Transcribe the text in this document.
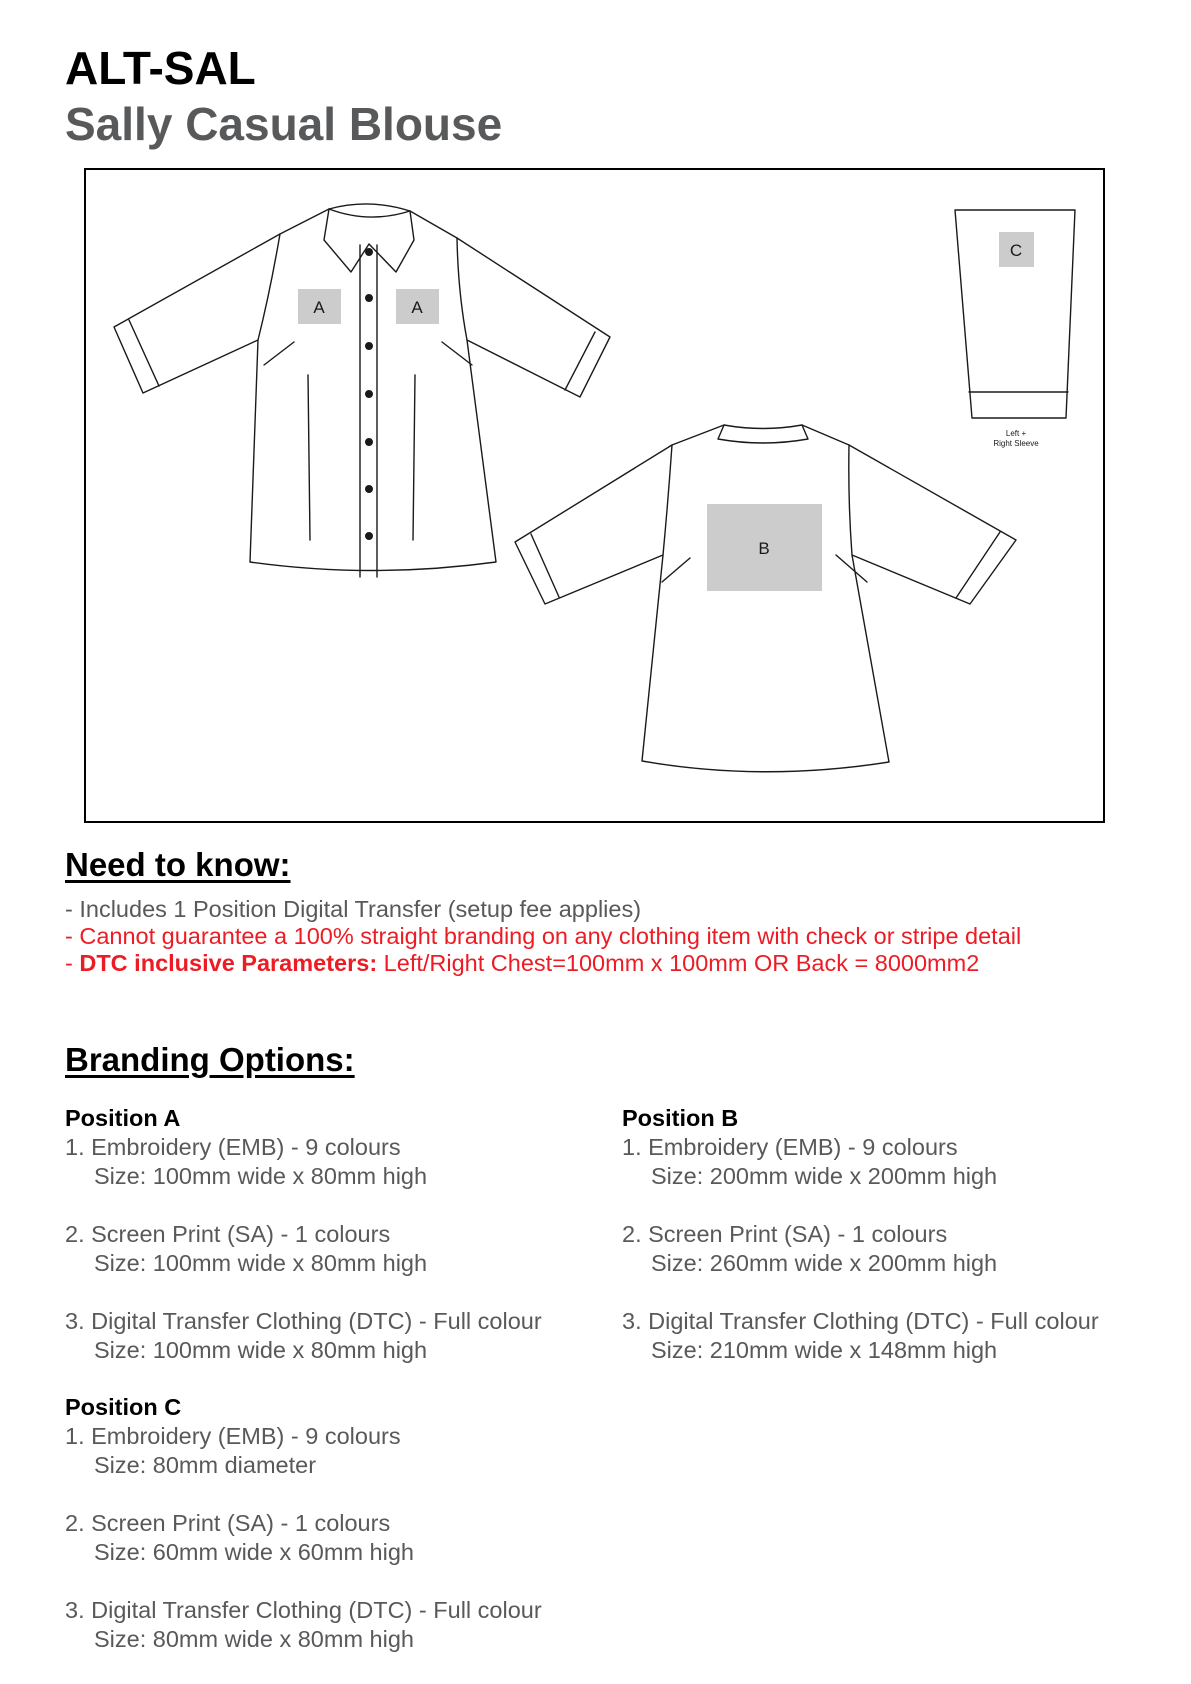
ALT-SAL
Sally Casual Blouse
A	A
B
C
Left +
Right Sleeve
Need to know:
- Includes 1 Position Digital Transfer (setup fee applies)
- Cannot guarantee a 100% straight branding on any clothing item with check or stripe detail
- DTC inclusive Parameters: Left/Right Chest=100mm x 100mm OR Back = 8000mm2
Branding Options:
Position A
1. Embroidery (EMB) - 9 colours
Size: 100mm wide x 80mm high
2. Screen Print (SA) - 1 colours
Size: 100mm wide x 80mm high
3. Digital Transfer Clothing (DTC) - Full colour
Size: 100mm wide x 80mm high
Position B
1. Embroidery (EMB) - 9 colours
Size: 200mm wide x 200mm high
2. Screen Print (SA) - 1 colours
Size: 260mm wide x 200mm high
3. Digital Transfer Clothing (DTC) - Full colour
Size: 210mm wide x 148mm high
Position C
1. Embroidery (EMB) - 9 colours
Size: 80mm diameter
2. Screen Print (SA) - 1 colours
Size: 60mm wide x 60mm high
3. Digital Transfer Clothing (DTC) - Full colour
Size: 80mm wide x 80mm high
